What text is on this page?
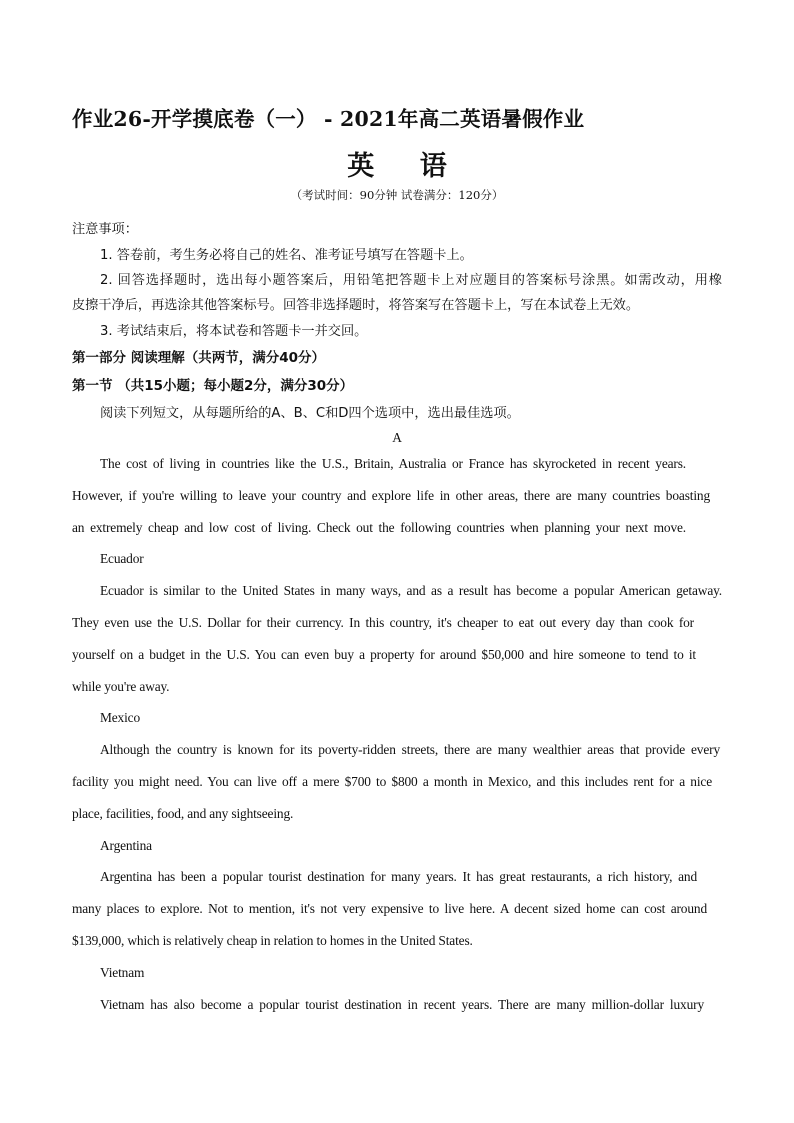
作业26-开学摸底卷（一） - 2021年高二英语暑假作业
英 语
（考试时间：90分钟 试卷满分：120分）
注意事项：
1. 答卷前，考生务必将自己的姓名、准考证号填写在答题卡上。
2. 回答选择题时，选出每小题答案后，用铅笔把答题卡上对应题目的答案标号涂黑。如需改动，用橡
皮擦干净后，再选涂其他答案标号。回答非选择题时，将答案写在答题卡上，写在本试卷上无效。
3. 考试结束后，将本试卷和答题卡一并交回。
第一部分 阅读理解（共两节，满分40分）
第一节 （共15小题；每小题2分，满分30分）
阅读下列短文，从每题所给的A、B、C和D四个选项中，选出最佳选项。
A
The cost of living in countries like the U.S., Britain, Australia or France has skyrocketed in recent years.
However, if you're willing to leave your country and explore life in other areas, there are many countries boasting
an extremely cheap and low cost of living. Check out the following countries when planning your next move.
Ecuador
Ecuador is similar to the United States in many ways, and as a result has become a popular American getaway.
They even use the U.S. Dollar for their currency. In this country, it's cheaper to eat out every day than cook for
yourself on a budget in the U.S. You can even buy a property for around $50,000 and hire someone to tend to it
while you're away.
Mexico
Although the country is known for its poverty-ridden streets, there are many wealthier areas that provide every
facility you might need. You can live off a mere $700 to $800 a month in Mexico, and this includes rent for a nice
place, facilities, food, and any sightseeing.
Argentina
Argentina has been a popular tourist destination for many years. It has great restaurants, a rich history, and
many places to explore. Not to mention, it's not very expensive to live here. A decent sized home can cost around
$139,000, which is relatively cheap in relation to homes in the United States.
Vietnam
Vietnam has also become a popular tourist destination in recent years. There are many million-dollar luxury
